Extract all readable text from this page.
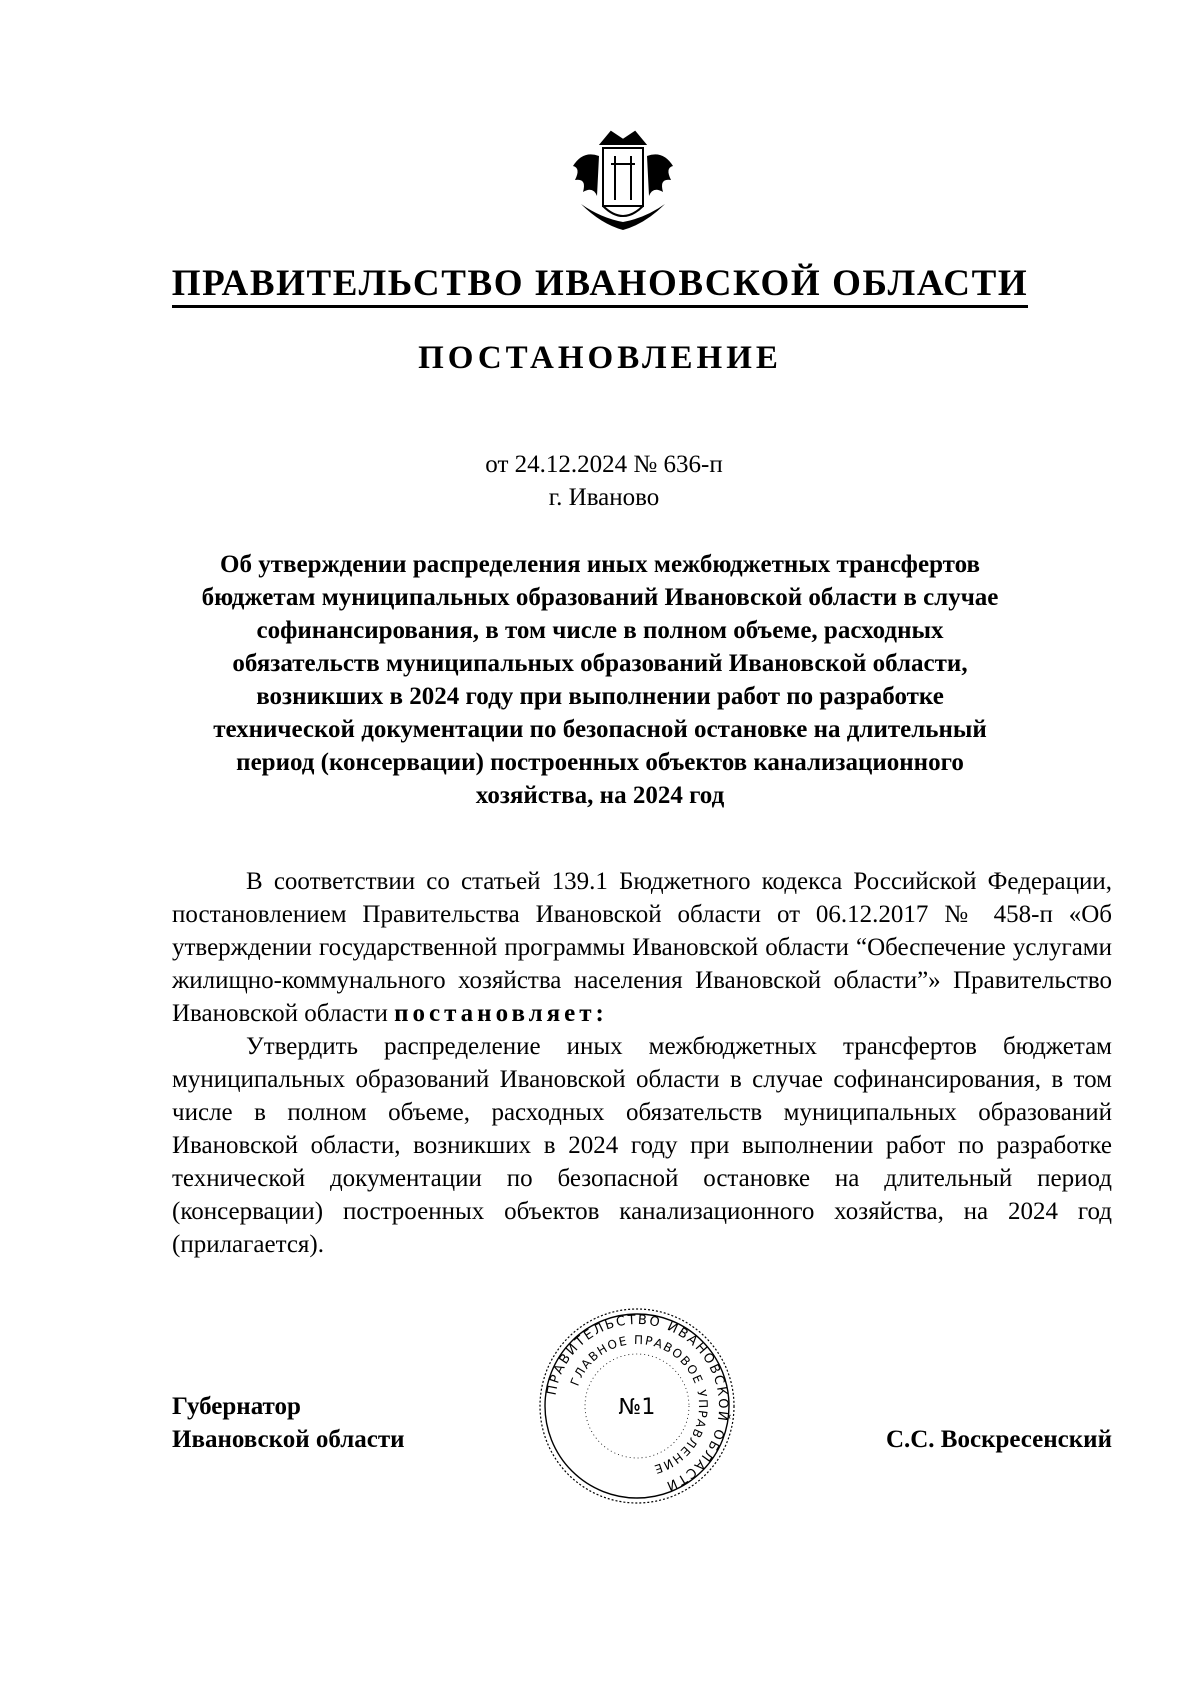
ПРАВИТЕЛЬСТВО ИВАНОВСКОЙ ОБЛАСТИ
ПОСТАНОВЛЕНИЕ
от 24.12.2024 № 636-п
г. Иваново
Об утверждении распределения иных межбюджетных трансфертов
бюджетам муниципальных образований Ивановской области в случае
софинансирования, в том числе в полном объеме, расходных
обязательств муниципальных образований Ивановской области,
возникших в 2024 году при выполнении работ по разработке
технической документации по безопасной остановке на длительный
период (консервации) построенных объектов канализационного
хозяйства, на 2024 год

В соответствии со статьей 139.1 Бюджетного кодекса Российской Федерации, постановлением Правительства Ивановской области от 06.12.2017 № 458-п «Об утверждении государственной программы Ивановской области “Обеспечение услугами жилищно-коммунального хозяйства населения Ивановской области”» Правительство Ивановской области постановляет:

Утвердить распределение иных межбюджетных трансфертов бюджетам муниципальных образований Ивановской области в случае софинансирования, в том числе в полном объеме, расходных обязательств муниципальных образований Ивановской области, возникших в 2024 году при выполнении работ по разработке технической документации по безопасной остановке на длительный период (консервации) построенных объектов канализационного хозяйства, на 2024 год (прилагается).

Губернатор
Ивановской области
ПРАВИТЕЛЬСТВО ИВАНОВСКОЙ ОБЛАСТИ
ГЛАВНОЕ ПРАВОВОЕ УПРАВЛЕНИЕ
№1
С.С. Воскресенский
